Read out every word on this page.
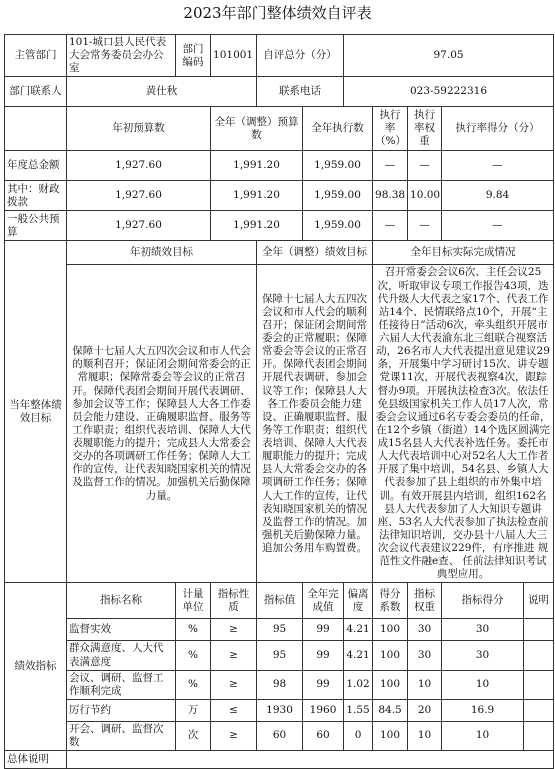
2023年部门整体绩效自评表
主管部门	101-城口县人民代表大会常务委员会办公室	部门编码	101001	自评总分（分）		97.05				
部门联系人	黄仕秋			联系电话		023-59222316				
	年初预算数		全年（调整）预算数		全年执行数		执行率（%）	执行率权重	执行率得分（分）	
年度总金额	1,927.60		1,991.20		1,959.00		—	—	—	
其中：财政拨款	1,927.60		1,991.20		1,959.00		98.38	10.00	9.84	
一般公共预算	1,927.60		1,991.20		1,959.00		—	—	—	
当年整体绩效目标	年初绩效目标			全年（调整）绩效目标			全年目标实际完成情况			
	保障十七届人大五四次会议和市人代会的顺利召开；保证闭会期间常委会的正常履职；保障常委会等会议的正常召开。保障代表团会期间开展代表调研、参加会议等工作；保障县人大各工作委员会能力建设、正确履职监督、服务等工作职责；组织代表培训、保障人大代表履职能力的提升；完成县人大常委会交办的各项调研工作任务；保障人大工作的宣传，让代表知晓国家机关的情况及监督工作的情况。加强机关后勤保障力量。			保障十七届人大五四次会议和市人代会的顺利召开；保证闭会期间常委会的正常履职；保障常委会等会议的正常召开。保障代表团会期间开展代表调研、参加会议等工作；保障县人大各工作委员会能力建设、正确履职监督、服务等工作职责；组织代表培训、保障人大代表履职能力的提升；完成县人大常委会交办的各项调研工作任务；保障人大工作的宣传，让代表知晓国家机关的情况及监督工作的情况。加强机关后勤保障力量。追加公务用车购置费。			召开常委会会议6次、主任会议25次，听取审议专项工作报告43项，迭代升级人大代表之家17个、代表工作站14个、民情联络点10个，开展“主任接待日”活动6次，牵头组织开展市六届人大代表渝东北三组联合视察活动，26名市人大代表提出意见建议29条，开展集中学习研讨15次、讲专题党课11次，开展代表视察4次，跟踪督办9项。开展执法检查3次。依法任免县级国家机关工作人员17人次，常委会会议通过6名专委会委员的任命，在12个乡镇（街道）14个选区圆满完成15名县人大代表补选任务。委托市人大代表培训中心对52名人大工作者开展了集中培训，54名县、乡镇人大代表参加了县上组织的市外集中培训。有效开展县内培训，组织162名县人大代表参加了人大知识专题讲座、53名人大代表参加了执法检查前法律知识培训，交办县十八届人大三次会议代表建议229件，有序推进 规范性文件融e查、 任前法律知识考试典型应用。			
绩效指标	指标名称	计量单位	指标性质	指标值	全年完成值	偏离度	得分系数	指标权重	指标得分	说明
	监督实效	%	≥	95	99	4.21	100	30	30	
	群众满意度、人大代表满意度	%	≥	95	99	4.21	100	30	30	
	会议、调研、监督工作顺利完成	%	≥	98	99	1.02	100	10	10	
	厉行节约	万	≤	1930	1960	1.55	84.5	20	16.9	
	开会、调研、监督次数	次	≥	60	60	0	100	10	10	
总体说明										
